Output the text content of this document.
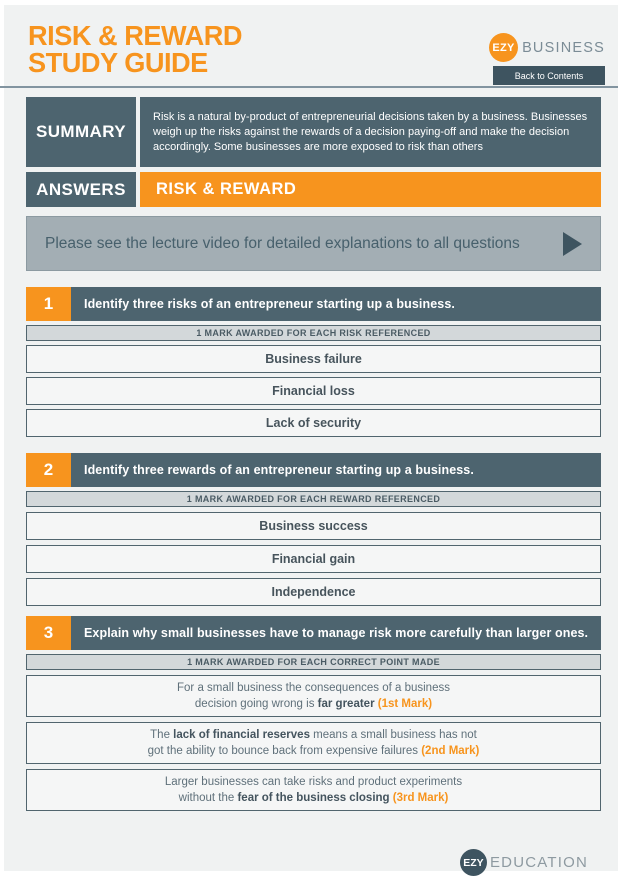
RISK & REWARD
STUDY GUIDE	EZY BUSINESS
Back to Contents
SUMMARY
Risk is a natural by-product of entrepreneurial decisions taken by a business. Businesses weigh up the risks against the rewards of a decision paying-off and make the decision accordingly. Some businesses are more exposed to risk than others
ANSWERS	RISK & REWARD
Please see the lecture video for detailed explanations to all questions
1	Identify three risks of an entrepreneur starting up a business.
1 MARK AWARDED FOR EACH RISK REFERENCED
Business failure
Financial loss
Lack of security
2	Identify three rewards of an entrepreneur starting up a business.
1 MARK AWARDED FOR EACH REWARD REFERENCED
Business success
Financial gain
Independence
3	Explain why small businesses have to manage risk more carefully than larger ones.
1 MARK AWARDED FOR EACH CORRECT POINT MADE
For a small business the consequences of a business
decision going wrong is far greater (1st Mark)
The lack of financial reserves means a small business has not
got the ability to bounce back from expensive failures (2nd Mark)
Larger businesses can take risks and product experiments
without the fear of the business closing (3rd Mark)
EZY EDUCATION
